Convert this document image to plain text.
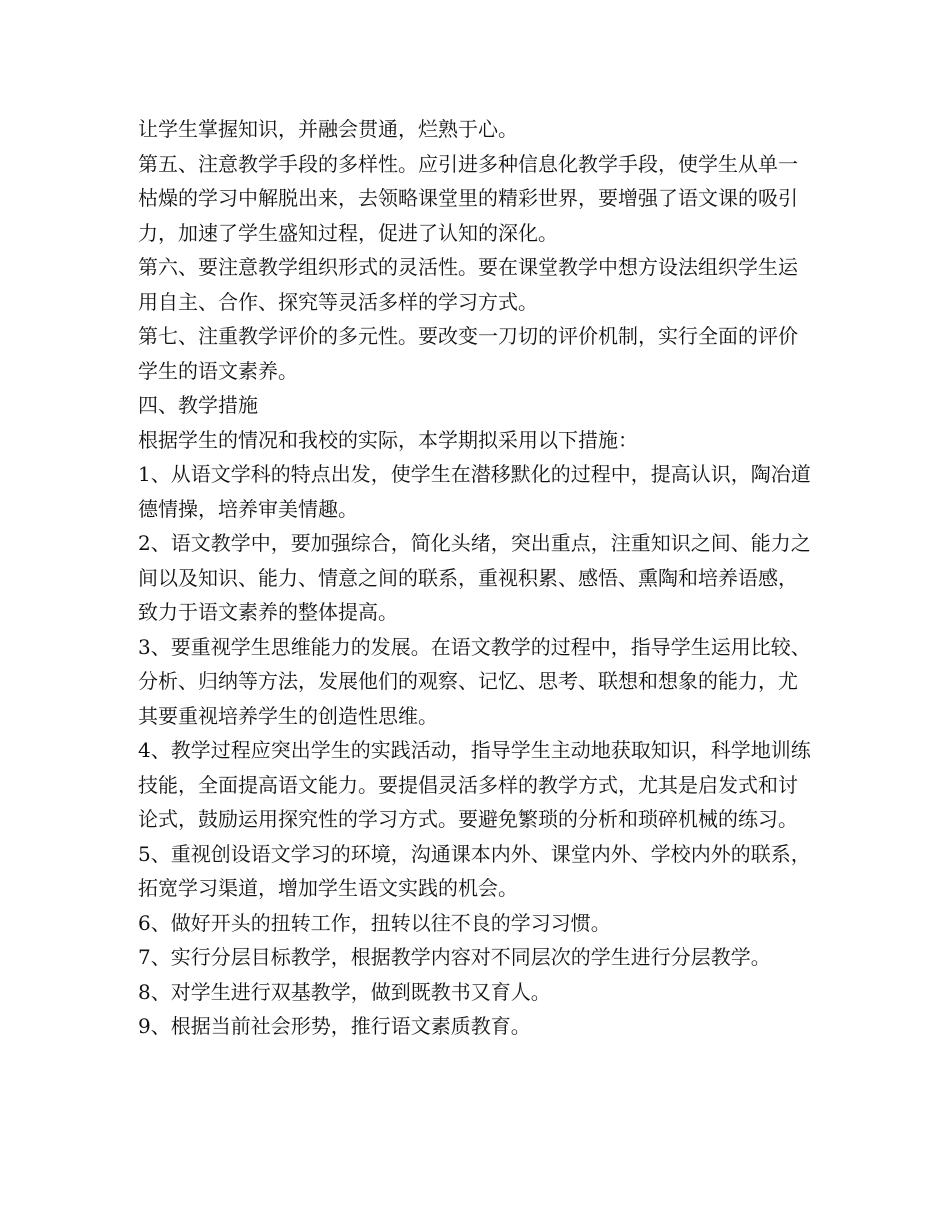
让学生掌握知识，并融会贯通，烂熟于心。

第五、注意教学手段的多样性。应引进多种信息化教学手段，使学生从单一枯燥的学习中解脱出来，去领略课堂里的精彩世界，要增强了语文课的吸引力，加速了学生盛知过程，促进了认知的深化。

第六、要注意教学组织形式的灵活性。要在课堂教学中想方设法组织学生运 用自主、合作、探究等灵活多样的学习方式。

第七、注重教学评价的多元性。要改变一刀切的评价机制，实行全面的评价学生的语文素养。

四、教学措施

根据学生的情况和我校的实际，本学期拟采用以下措施：

1、从语文学科的特点出发，使学生在潜移默化的过程中，提高认识，陶冶道德情操，培养审美情趣。

2、语文教学中，要加强综合，简化头绪，突出重点，注重知识之间、能力之间以及知识、能力、情意之间的联系，重视积累、感悟、熏陶和培养语感，致力于语文素养的整体提高。

3、要重视学生思维能力的发展。在语文教学的过程中，指导学生运用比较、分析、归纳等方法，发展他们的观察、记忆、思考、联想和想象的能力，尤其要重视培养学生的创造性思维。

4、教学过程应突出学生的实践活动，指导学生主动地获取知识，科学地训练技能，全面提高语文能力。要提倡灵活多样的教学方式，尤其是启发式和讨论式，鼓励运用探究性的学习方式。要避免繁琐的分析和琐碎机械的练习。

5、重视创设语文学习的环境，沟通课本内外、课堂内外、学校内外的联系，拓宽学习渠道，增加学生语文实践的机会。

6、做好开头的扭转工作，扭转以往不良的学习习惯。

7、实行分层目标教学，根据教学内容对不同层次的学生进行分层教学。

8、对学生进行双基教学，做到既教书又育人。

9、根据当前社会形势，推行语文素质教育。
